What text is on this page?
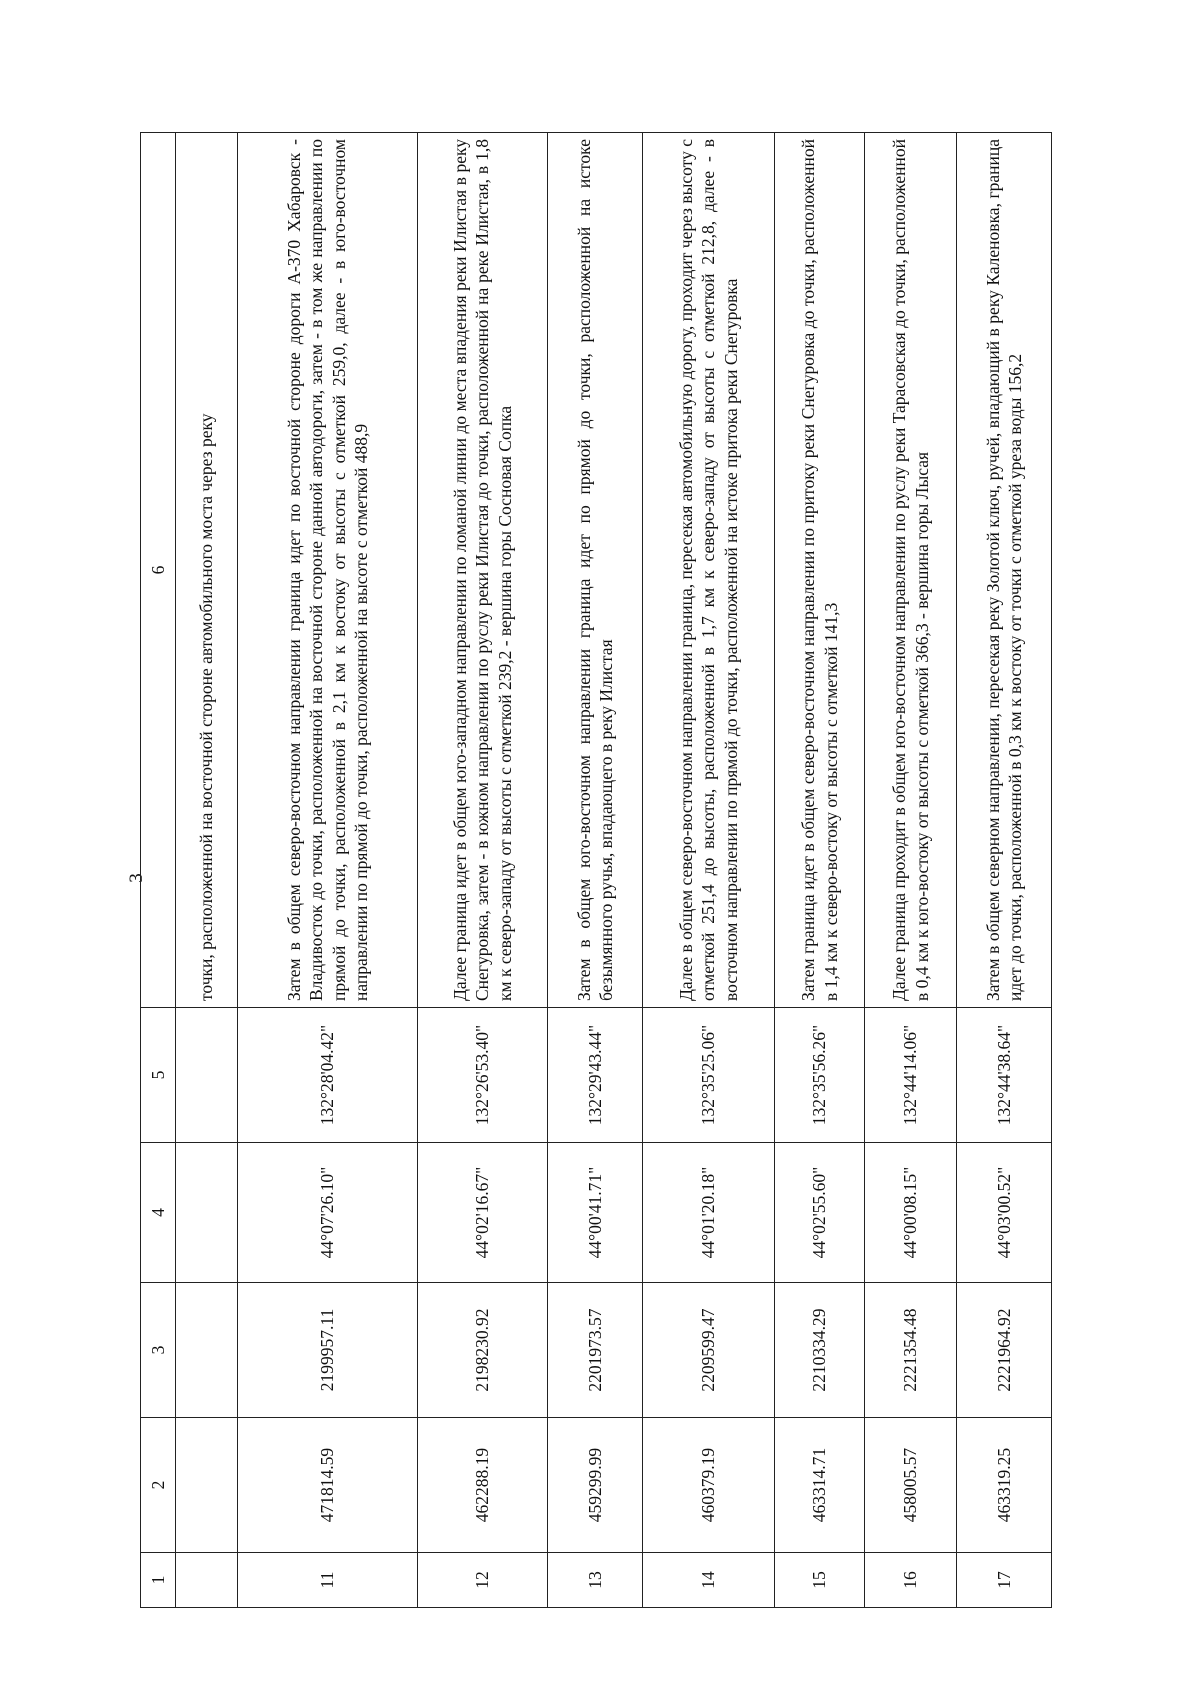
3
1	2	3	4	5	6
					точки, расположенной на восточной стороне автомобильного моста через реку
11	471814.59	2199957.11	44°07'26.10"	132°28'04.42"	Затем в общем северо-восточном направлении граница идет по восточной стороне дороги А-370 Хабаровск - Владивосток до точки, расположенной на восточной стороне данной автодороги, затем - в том же направлении по прямой до точки, расположенной в 2,1 км к востоку от высоты с отметкой 259,0, далее - в юго-восточном направлении по прямой до точки, расположенной на высоте с отметкой 488,9
12	462288.19	2198230.92	44°02'16.67"	132°26'53.40"	Далее граница идет в общем юго-западном направлении по ломаной линии до места впадения реки Илистая в реку Снегуровка, затем - в южном направлении по руслу реки Илистая до точки, расположенной на реке Илистая, в 1,8 км к северо-западу от высоты с отметкой 239,2 - вершина горы Сосновая Сопка
13	459299.99	2201973.57	44°00'41.71"	132°29'43.44"	Затем в общем юго-восточном направлении граница идет по прямой до точки, расположенной на истоке безымянного ручья, впадающего в реку Илистая
14	460379.19	2209599.47	44°01'20.18"	132°35'25.06"	Далее в общем северо-восточном направлении граница, пересекая автомобильную дорогу, проходит через высоту с отметкой 251,4 до высоты, расположенной в 1,7 км к северо-западу от высоты с отметкой 212,8, далее - в восточном направлении по прямой до точки, расположенной на истоке притока реки Снегуровка
15	463314.71	2210334.29	44°02'55.60"	132°35'56.26"	Затем граница идет в общем северо-восточном направлении по притоку реки Снегуровка до точки, расположенной в 1,4 км к северо-востоку от высоты с отметкой 141,3
16	458005.57	2221354.48	44°00'08.15"	132°44'14.06"	Далее граница проходит в общем юго-восточном направлении по руслу реки Тарасовская до точки, расположенной в 0,4 км к юго-востоку от высоты с отметкой 366,3 - вершина горы Лысая
17	463319.25	2221964.92	44°03'00.52"	132°44'38.64"	Затем в общем северном направлении, пересекая реку Золотой ключ, ручей, впадающий в реку Каленовка, граница идет до точки, расположенной в 0,3 км к востоку от точки с отметкой уреза воды 156,2
